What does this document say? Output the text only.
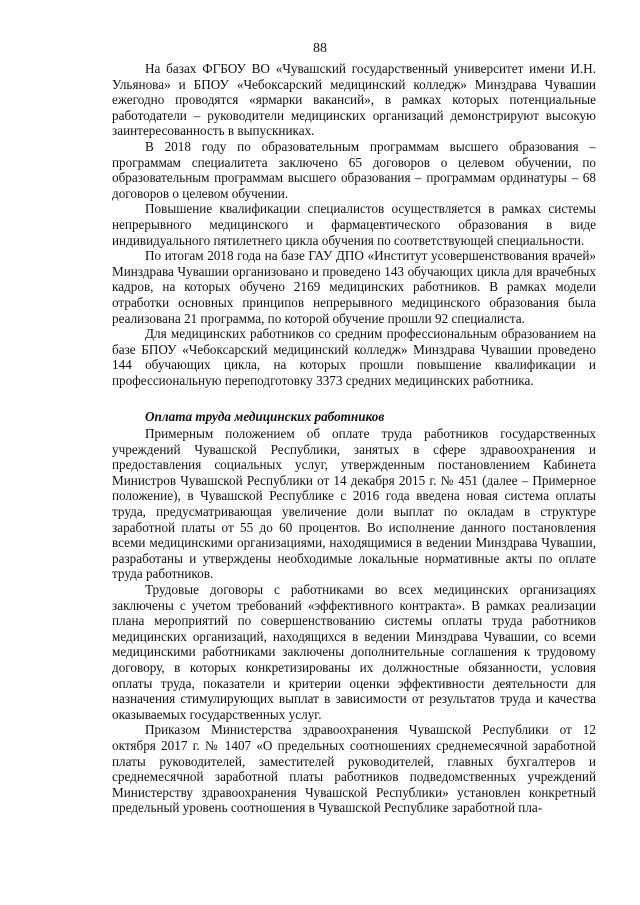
88

На базах ФГБОУ ВО «Чувашский государственный университет имени И.Н. Ульянова» и БПОУ «Чебоксарский медицинский колледж» Минздрава Чувашии ежегодно проводятся «ярмарки вакансий», в рамках которых потенциальные работодатели – руководители медицинских организаций демонстрируют высокую заинтересованность в выпускниках.

В 2018 году по образовательным программам высшего образования – программам специалитета заключено 65 договоров о целевом обучении, по образовательным программам высшего образования – программам ординатуры – 68 договоров о целевом обучении.

Повышение квалификации специалистов осуществляется в рамках системы непрерывного медицинского и фармацевтического образования в виде индивидуального пятилетнего цикла обучения по соответствующей специальности.

По итогам 2018 года на базе ГАУ ДПО «Институт усовершенствования врачей» Минздрава Чувашии организовано и проведено 143 обучающих цикла для врачебных кадров, на которых обучено 2169 медицинских работников. В рамках модели отработки основных принципов непрерывного медицинского образования была реализована 21 программа, по которой обучение прошли 92 специалиста.

Для медицинских работников со средним профессиональным образованием на базе БПОУ «Чебоксарский медицинский колледж» Минздрава Чувашии проведено 144 обучающих цикла, на которых прошли повышение квалификации и профессиональную переподготовку 3373 средних медицинских работника.

Оплата труда медицинских работников

Примерным положением об оплате труда работников государственных учреждений Чувашской Республики, занятых в сфере здравоохранения и предоставления социальных услуг, утвержденным постановлением Кабинета Министров Чувашской Республики от 14 декабря 2015 г. № 451 (далее – Примерное положение), в Чувашской Республике с 2016 года введена новая система оплаты труда, предусматривающая увеличение доли выплат по окладам в структуре заработной платы от 55 до 60 процентов. Во исполнение данного постановления всеми медицинскими организациями, находящимися в ведении Минздрава Чувашии, разработаны и утверждены необходимые локальные нормативные акты по оплате труда работников.

Трудовые договоры с работниками во всех медицинских организациях заключены с учетом требований «эффективного контракта». В рамках реализации плана мероприятий по совершенствованию системы оплаты труда работников медицинских организаций, находящихся в ведении Минздрава Чувашии, со всеми медицинскими работниками заключены дополнительные соглашения к трудовому договору, в которых конкретизированы их должностные обязанности, условия оплаты труда, показатели и критерии оценки эффективности деятельности для назначения стимулирующих выплат в зависимости от результатов труда и качества оказываемых государственных услуг.

Приказом Министерства здравоохранения Чувашской Республики от 12 октября 2017 г. № 1407 «О предельных соотношениях среднемесячной заработной платы руководителей, заместителей руководителей, главных бухгалтеров и среднемесячной заработной платы работников подведомственных учреждений Министерству здравоохранения Чувашской Республики» установлен конкретный предельный уровень соотношения в Чувашской Республике заработной пла-
